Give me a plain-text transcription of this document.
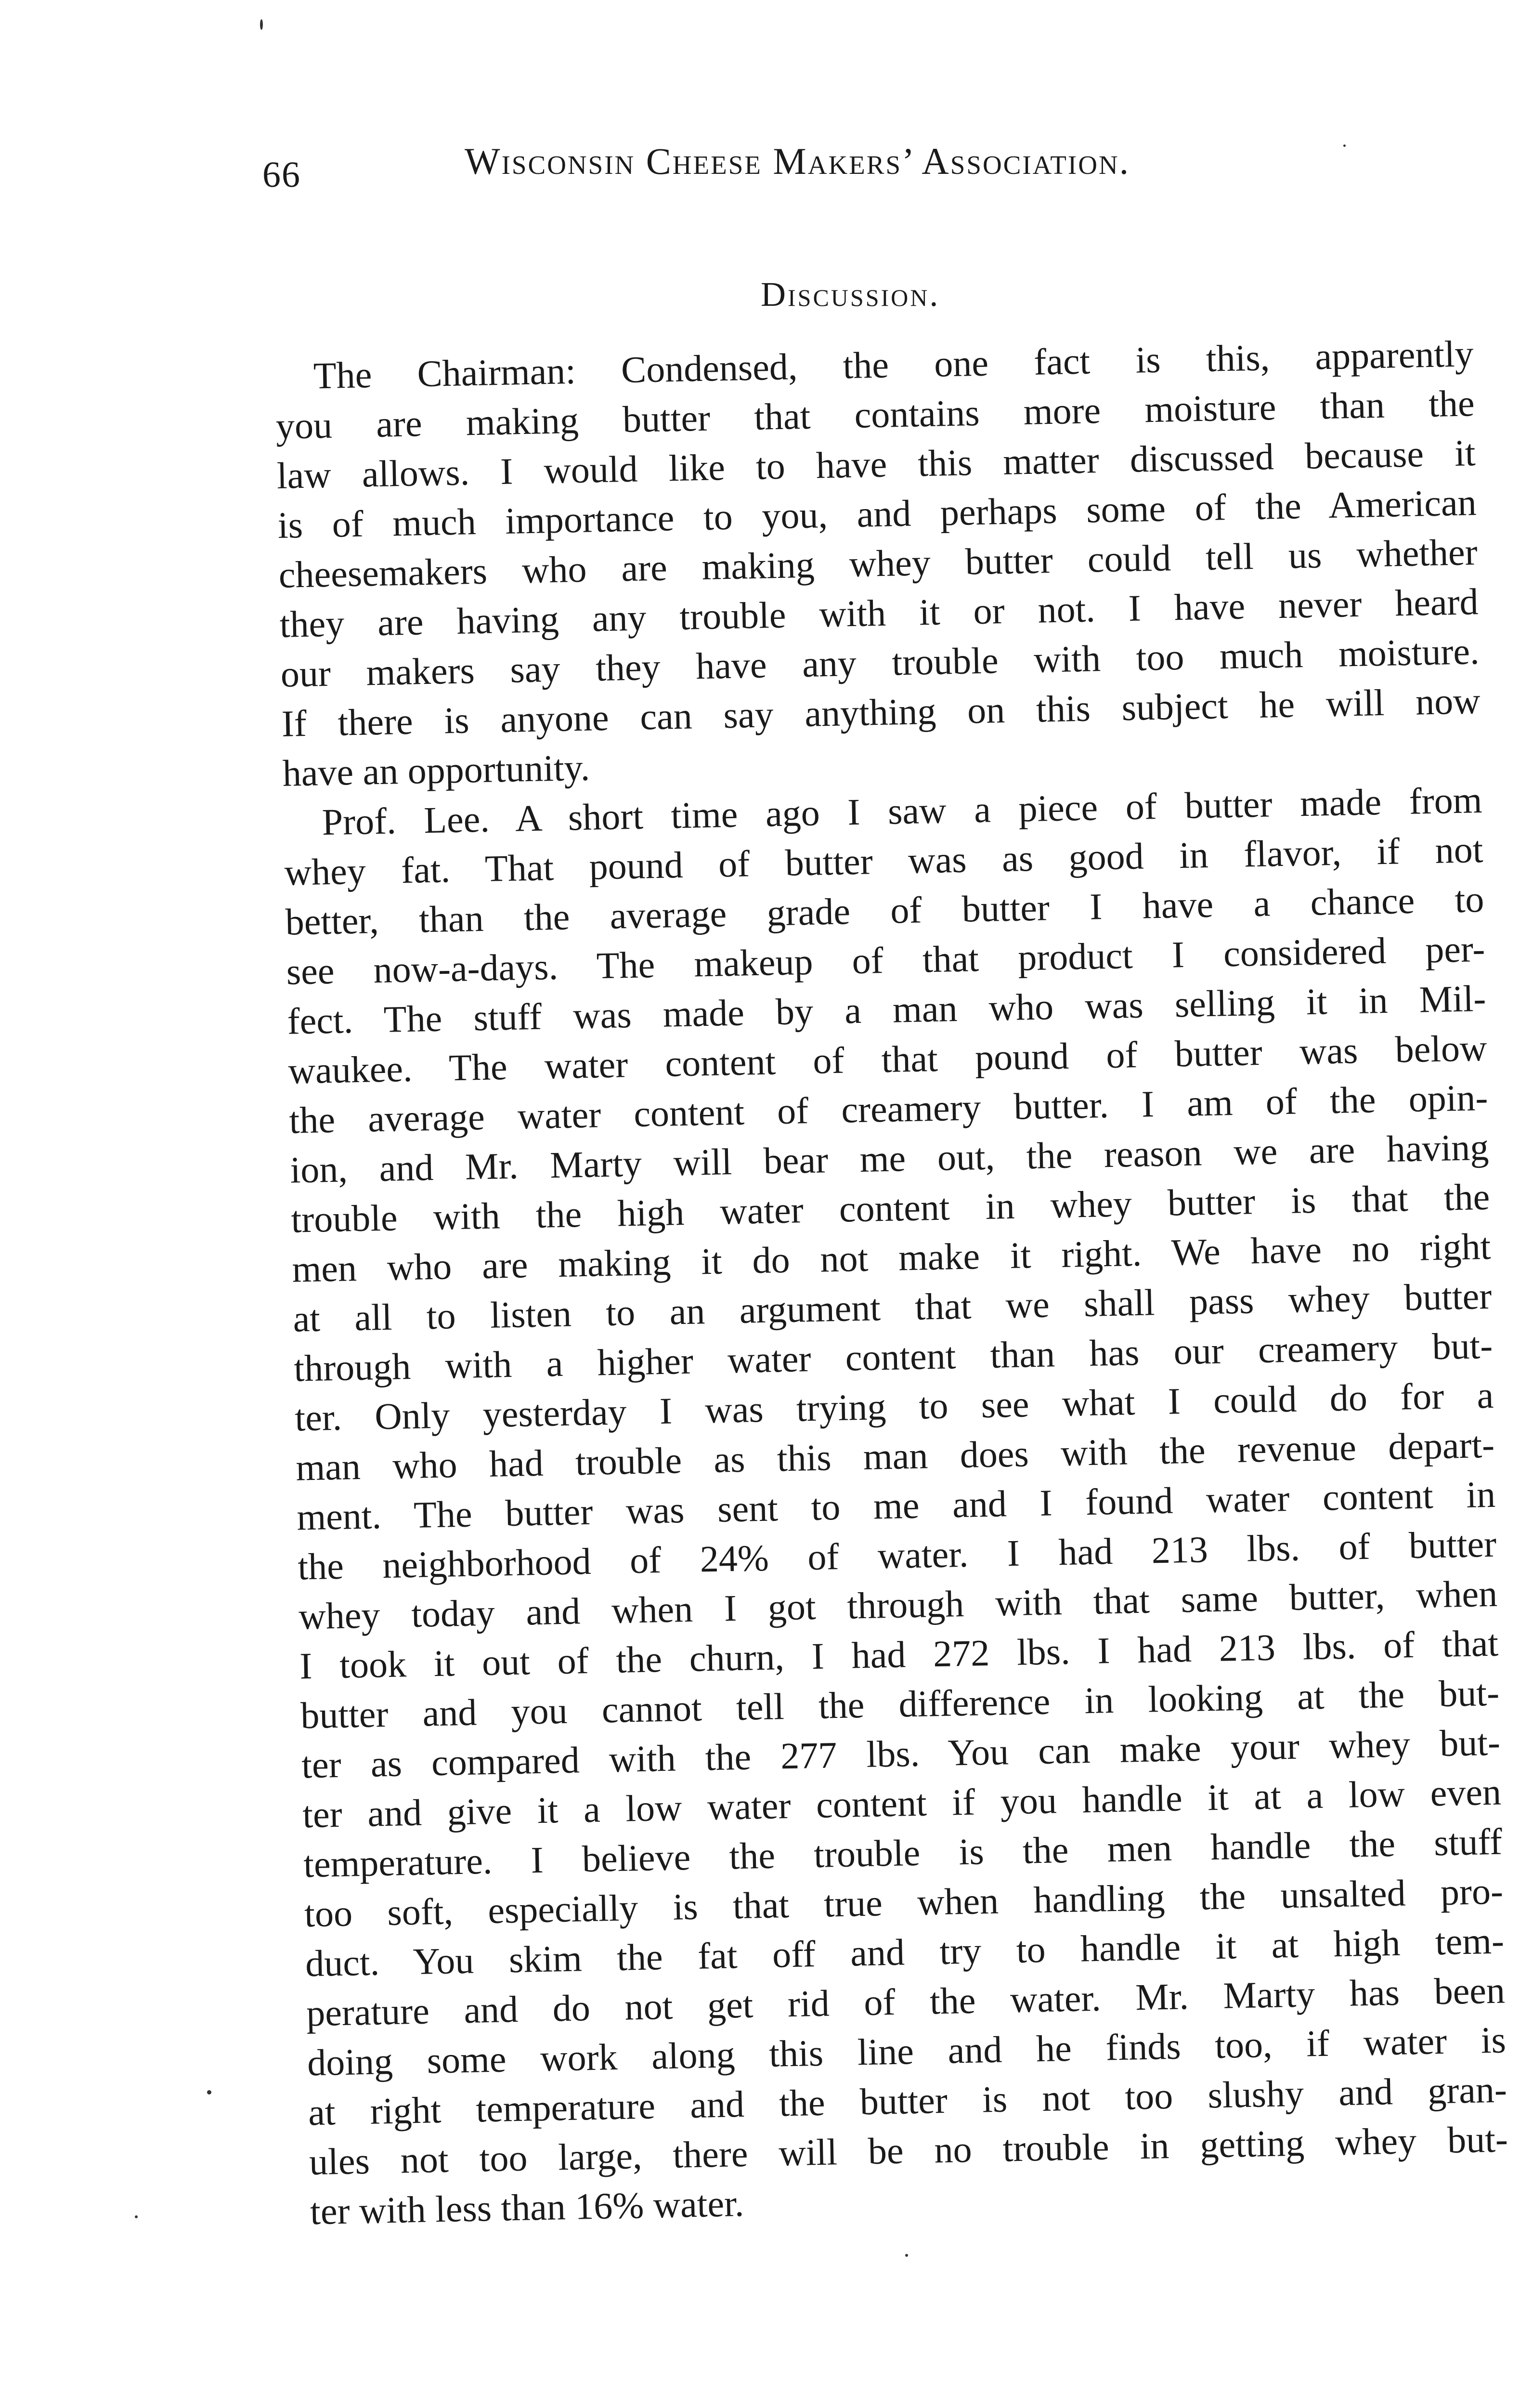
66	Wisconsin Cheese Makers’ Association.
Discussion.
The Chairman: Condensed, the one fact is this, apparently
you are making butter that contains more moisture than the
law allows. I would like to have this matter discussed because it
is of much importance to you, and perhaps some of the American
cheesemakers who are making whey butter could tell us whether
they are having any trouble with it or not. I have never heard
our makers say they have any trouble with too much moisture.
If there is anyone can say anything on this subject he will now
have an opportunity.
Prof. Lee. A short time ago I saw a piece of butter made from
whey fat. That pound of butter was as good in flavor, if not
better, than the average grade of butter I have a chance to
see now-a-days. The makeup of that product I considered per-
fect. The stuff was made by a man who was selling it in Mil-
waukee. The water content of that pound of butter was below
the average water content of creamery butter. I am of the opin-
ion, and Mr. Marty will bear me out, the reason we are having
trouble with the high water content in whey butter is that the
men who are making it do not make it right. We have no right
at all to listen to an argument that we shall pass whey butter
through with a higher water content than has our creamery but-
ter. Only yesterday I was trying to see what I could do for a
man who had trouble as this man does with the revenue depart-
ment. The butter was sent to me and I found water content in
the neighborhood of 24% of water. I had 213 lbs. of butter
whey today and when I got through with that same butter, when
I took it out of the churn, I had 272 lbs. I had 213 lbs. of that
butter and you cannot tell the difference in looking at the but-
ter as compared with the 277 lbs. You can make your whey but-
ter and give it a low water content if you handle it at a low even
temperature. I believe the trouble is the men handle the stuff
too soft, especially is that true when handling the unsalted pro-
duct. You skim the fat off and try to handle it at high tem-
perature and do not get rid of the water. Mr. Marty has been
doing some work along this line and he finds too, if water is
at right temperature and the butter is not too slushy and gran-
ules not too large, there will be no trouble in getting whey but-
ter with less than 16% water.
